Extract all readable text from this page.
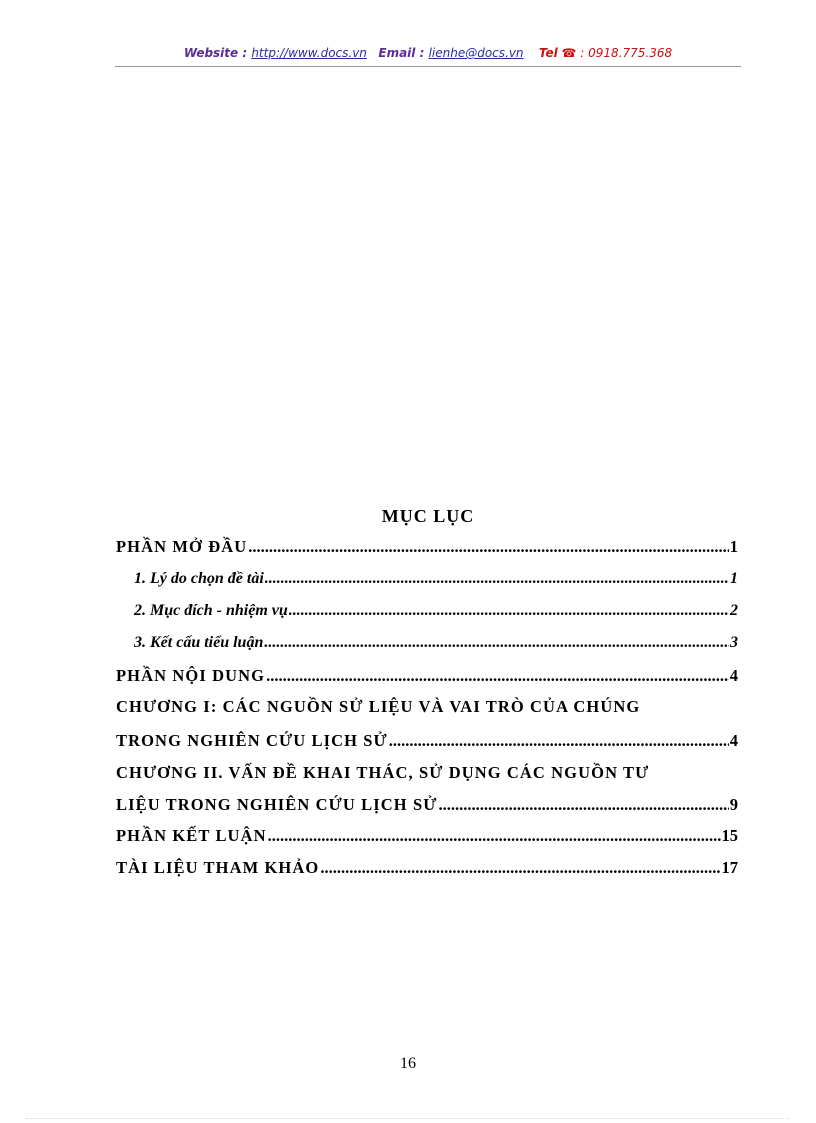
Website : http://www.docs.vn Email : lienhe@docs.vn Tel ☎ : 0918.775.368
MỤC LỤC
PHẦN MỞ ĐẦU .....	1
1. Lý do chọn đề tài .....	1
2. Mục đích - nhiệm vụ .....	2
3. Kết cấu tiểu luận .....	3
PHẦN NỘI DUNG .....	4
CHƯƠNG I: CÁC NGUỒN SỬ LIỆU VÀ VAI TRÒ CỦA CHÚNG
TRONG NGHIÊN CỨU LỊCH SỬ .....	4
CHƯƠNG II. VẤN ĐỀ KHAI THÁC, SỬ DỤNG CÁC NGUỒN TƯ
LIỆU TRONG NGHIÊN CỨU LỊCH SỬ .....	9
PHẦN KẾT LUẬN .....	15
TÀI LIỆU THAM KHẢO .....	17
16
